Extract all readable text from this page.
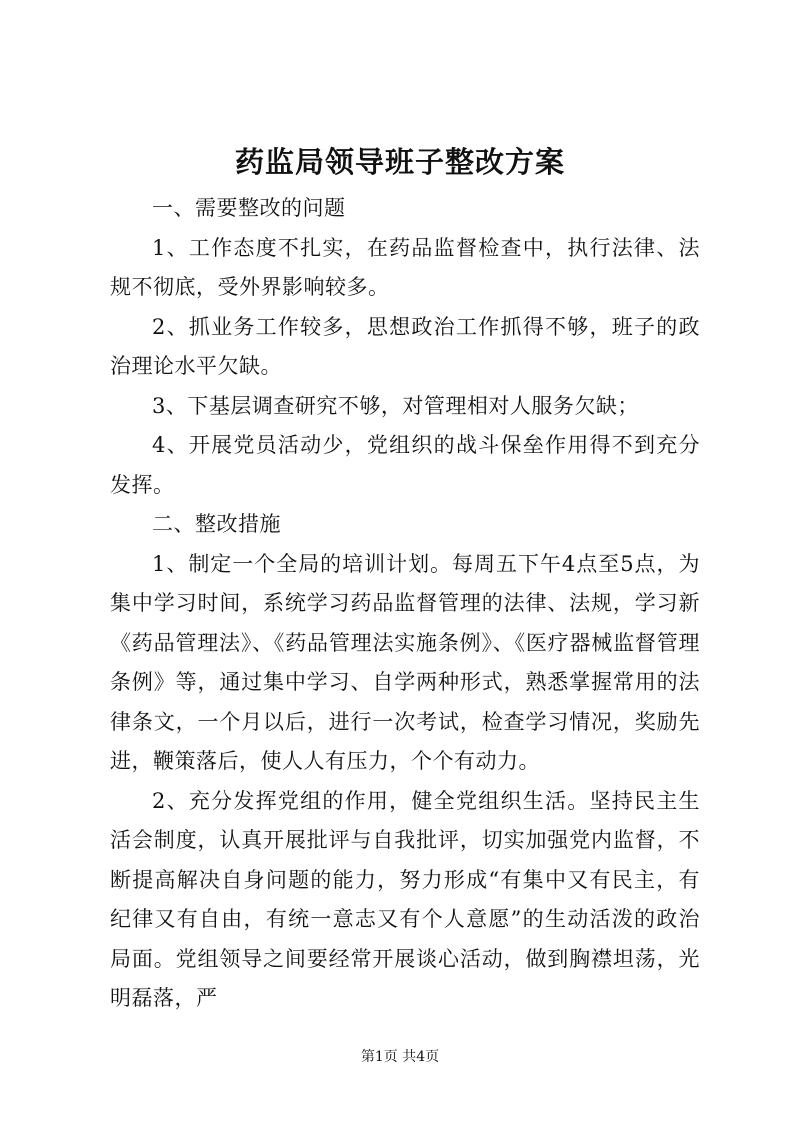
药监局领导班子整改方案

一、需要整改的问题

1、工作态度不扎实，在药品监督检查中，执行法律、法规不彻底，受外界影响较多。

2、抓业务工作较多，思想政治工作抓得不够，班子的政治理论水平欠缺。

3、下基层调查研究不够，对管理相对人服务欠缺；

4、开展党员活动少，党组织的战斗保垒作用得不到充分发挥。

二、整改措施

1、制定一个全局的培训计划。每周五下午4点至5点，为集中学习时间，系统学习药品监督管理的法律、法规，学习新《药品管理法》、《药品管理法实施条例》、《医疗器械监督管理条例》等，通过集中学习、自学两种形式，熟悉掌握常用的法律条文，一个月以后，进行一次考试，检查学习情况，奖励先进，鞭策落后，使人人有压力，个个有动力。

2、充分发挥党组的作用，健全党组织生活。坚持民主生活会制度，认真开展批评与自我批评，切实加强党内监督，不断提高解决自身问题的能力，努力形成“有集中又有民主，有纪律又有自由，有统一意志又有个人意愿”的生动活泼的政治局面。党组领导之间要经常开展谈心活动，做到胸襟坦荡，光明磊落，严

第1页 共4页
